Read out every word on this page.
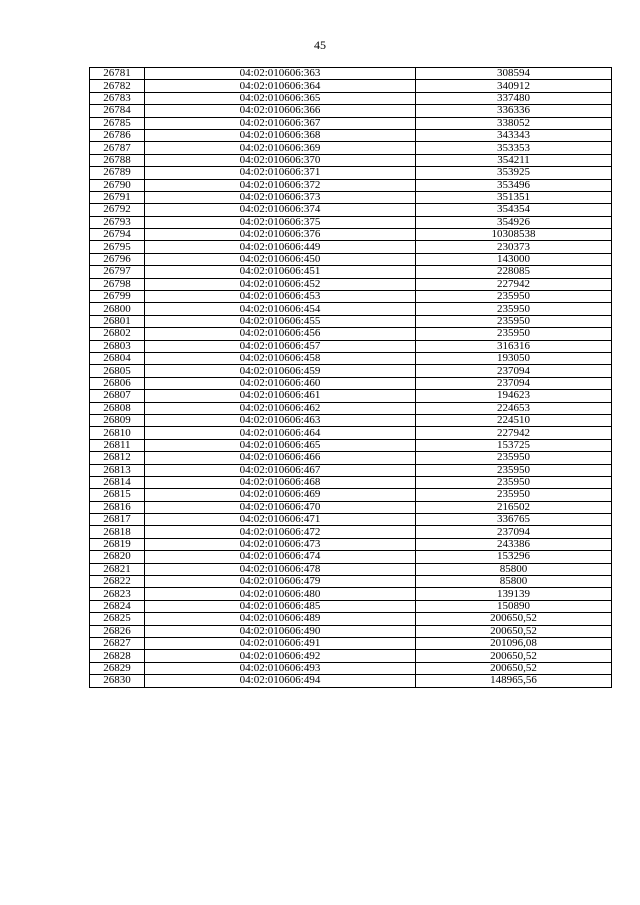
45
26781	04:02:010606:363	308594
26782	04:02:010606:364	340912
26783	04:02:010606:365	337480
26784	04:02:010606:366	336336
26785	04:02:010606:367	338052
26786	04:02:010606:368	343343
26787	04:02:010606:369	353353
26788	04:02:010606:370	354211
26789	04:02:010606:371	353925
26790	04:02:010606:372	353496
26791	04:02:010606:373	351351
26792	04:02:010606:374	354354
26793	04:02:010606:375	354926
26794	04:02:010606:376	10308538
26795	04:02:010606:449	230373
26796	04:02:010606:450	143000
26797	04:02:010606:451	228085
26798	04:02:010606:452	227942
26799	04:02:010606:453	235950
26800	04:02:010606:454	235950
26801	04:02:010606:455	235950
26802	04:02:010606:456	235950
26803	04:02:010606:457	316316
26804	04:02:010606:458	193050
26805	04:02:010606:459	237094
26806	04:02:010606:460	237094
26807	04:02:010606:461	194623
26808	04:02:010606:462	224653
26809	04:02:010606:463	224510
26810	04:02:010606:464	227942
26811	04:02:010606:465	153725
26812	04:02:010606:466	235950
26813	04:02:010606:467	235950
26814	04:02:010606:468	235950
26815	04:02:010606:469	235950
26816	04:02:010606:470	216502
26817	04:02:010606:471	336765
26818	04:02:010606:472	237094
26819	04:02:010606:473	243386
26820	04:02:010606:474	153296
26821	04:02:010606:478	85800
26822	04:02:010606:479	85800
26823	04:02:010606:480	139139
26824	04:02:010606:485	150890
26825	04:02:010606:489	200650,52
26826	04:02:010606:490	200650,52
26827	04:02:010606:491	201096,08
26828	04:02:010606:492	200650,52
26829	04:02:010606:493	200650,52
26830	04:02:010606:494	148965,56
